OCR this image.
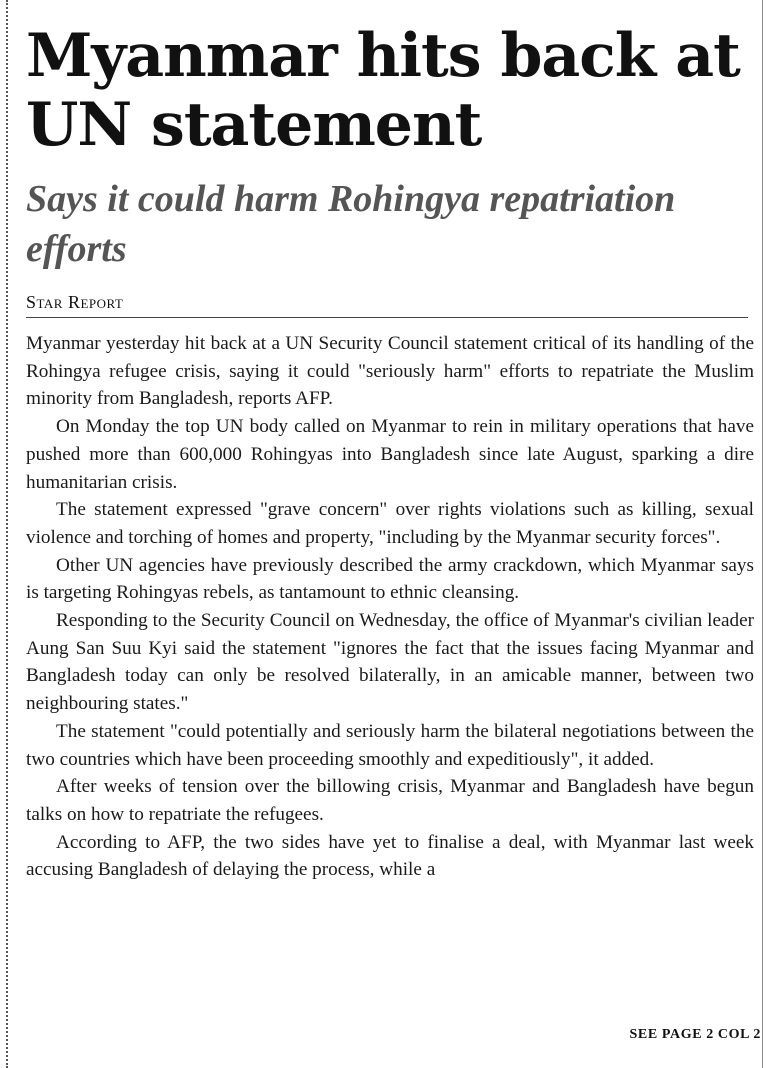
Myanmar hits back at UN statement
Says it could harm Rohingya repatriation efforts
Star Report

Myanmar yesterday hit back at a UN Security Council statement critical of its handling of the Rohingya refugee crisis, saying it could "seriously harm" efforts to repatriate the Muslim minority from Bangladesh, reports AFP.

On Monday the top UN body called on Myanmar to rein in military operations that have pushed more than 600,000 Rohingyas into Bangladesh since late August, sparking a dire humanitarian crisis.

The statement expressed "grave concern" over rights violations such as killing, sexual violence and torching of homes and property, "including by the Myanmar security forces".

Other UN agencies have previously described the army crackdown, which Myanmar says is targeting Rohingyas rebels, as tantamount to ethnic cleansing.

Responding to the Security Council on Wednesday, the office of Myanmar's civilian leader Aung San Suu Kyi said the statement "ignores the fact that the issues facing Myanmar and Bangladesh today can only be resolved bilaterally, in an amicable manner, between two neighbouring states."

The statement "could potentially and seriously harm the bilateral negotiations between the two countries which have been proceeding smoothly and expeditiously", it added.

After weeks of tension over the billowing crisis, Myanmar and Bangladesh have begun talks on how to repatriate the refugees.

According to AFP, the two sides have yet to finalise a deal, with Myanmar last week accusing Bangladesh of delaying the process, while a

SEE PAGE 2 COL 2
